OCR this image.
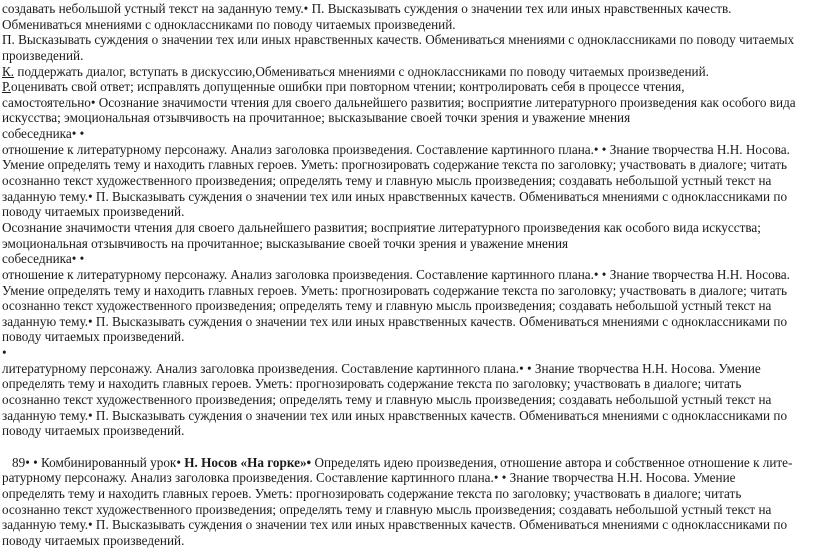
создавать небольшой устный текст на заданную тему.• П. Высказывать суждения о значении тех или иных нравственных качеств.
Обмениваться мнениями с одноклассниками по поводу читаемых произведений.
П. Высказывать суждения о значении тех или иных нравственных качеств. Обмениваться мнениями с одноклассниками по поводу читаемых
произведений.
К. поддержать диалог, вступать в дискуссию,Обмениваться мнениями с одноклассниками по поводу читаемых произведений.
Р.оценивать свой ответ; исправлять допущенные ошибки при повторном чтении; контролировать себя в процессе чтения,
самостоятельно• Осознание значимости чтения для своего дальнейшего развития; восприятие литературного произведения как особого вида
искусства; эмоциональная отзывчивость на прочитанное; высказывание своей точки зрения и уважение мнения
собеседника• •
отношение к литературному персонажу. Анализ заголовка произведения. Составление картинного плана.• • Знание творчества Н.Н. Носова.
Умение определять тему и находить главных героев. Уметь: прогнозировать содержание текста по заголовку; участвовать в диалоге; читать
осознанно текст художественного произведения; определять тему и главную мысль произведения; создавать небольшой устный текст на
заданную тему.• П. Высказывать суждения о значении тех или иных нравственных качеств. Обмениваться мнениями с одноклассниками по
поводу читаемых произведений.
Осознание значимости чтения для своего дальнейшего развития; восприятие литературного произведения как особого вида искусства;
эмоциональная отзывчивость на прочитанное; высказывание своей точки зрения и уважение мнения
собеседника• •
отношение к литературному персонажу. Анализ заголовка произведения. Составление картинного плана.• • Знание творчества Н.Н. Носова.
Умение определять тему и находить главных героев. Уметь: прогнозировать содержание текста по заголовку; участвовать в диалоге; читать
осознанно текст художественного произведения; определять тему и главную мысль произведения; создавать небольшой устный текст на
заданную тему.• П. Высказывать суждения о значении тех или иных нравственных качеств. Обмениваться мнениями с одноклассниками по
поводу читаемых произведений.
•
литературному персонажу. Анализ заголовка произведения. Составление картинного плана.• • Знание творчества Н.Н. Носова. Умение
определять тему и находить главных героев. Уметь: прогнозировать содержание текста по заголовку; участвовать в диалоге; читать
осознанно текст художественного произведения; определять тему и главную мысль произведения; создавать небольшой устный текст на
заданную тему.• П. Высказывать суждения о значении тех или иных нравственных качеств. Обмениваться мнениями с одноклассниками по
поводу читаемых произведений.
89• • Комбинированный урок• Н. Носов «На горке»• Определять идею произведения, отношение автора и собственное отношение к лите-
ратурному персонажу. Анализ заголовка произведения. Составление картинного плана.• • Знание творчества Н.Н. Носова. Умение
определять тему и находить главных героев. Уметь: прогнозировать содержание текста по заголовку; участвовать в диалоге; читать
осознанно текст художественного произведения; определять тему и главную мысль произведения; создавать небольшой устный текст на
заданную тему.• П. Высказывать суждения о значении тех или иных нравственных качеств. Обмениваться мнениями с одноклассниками по
поводу читаемых произведений.
